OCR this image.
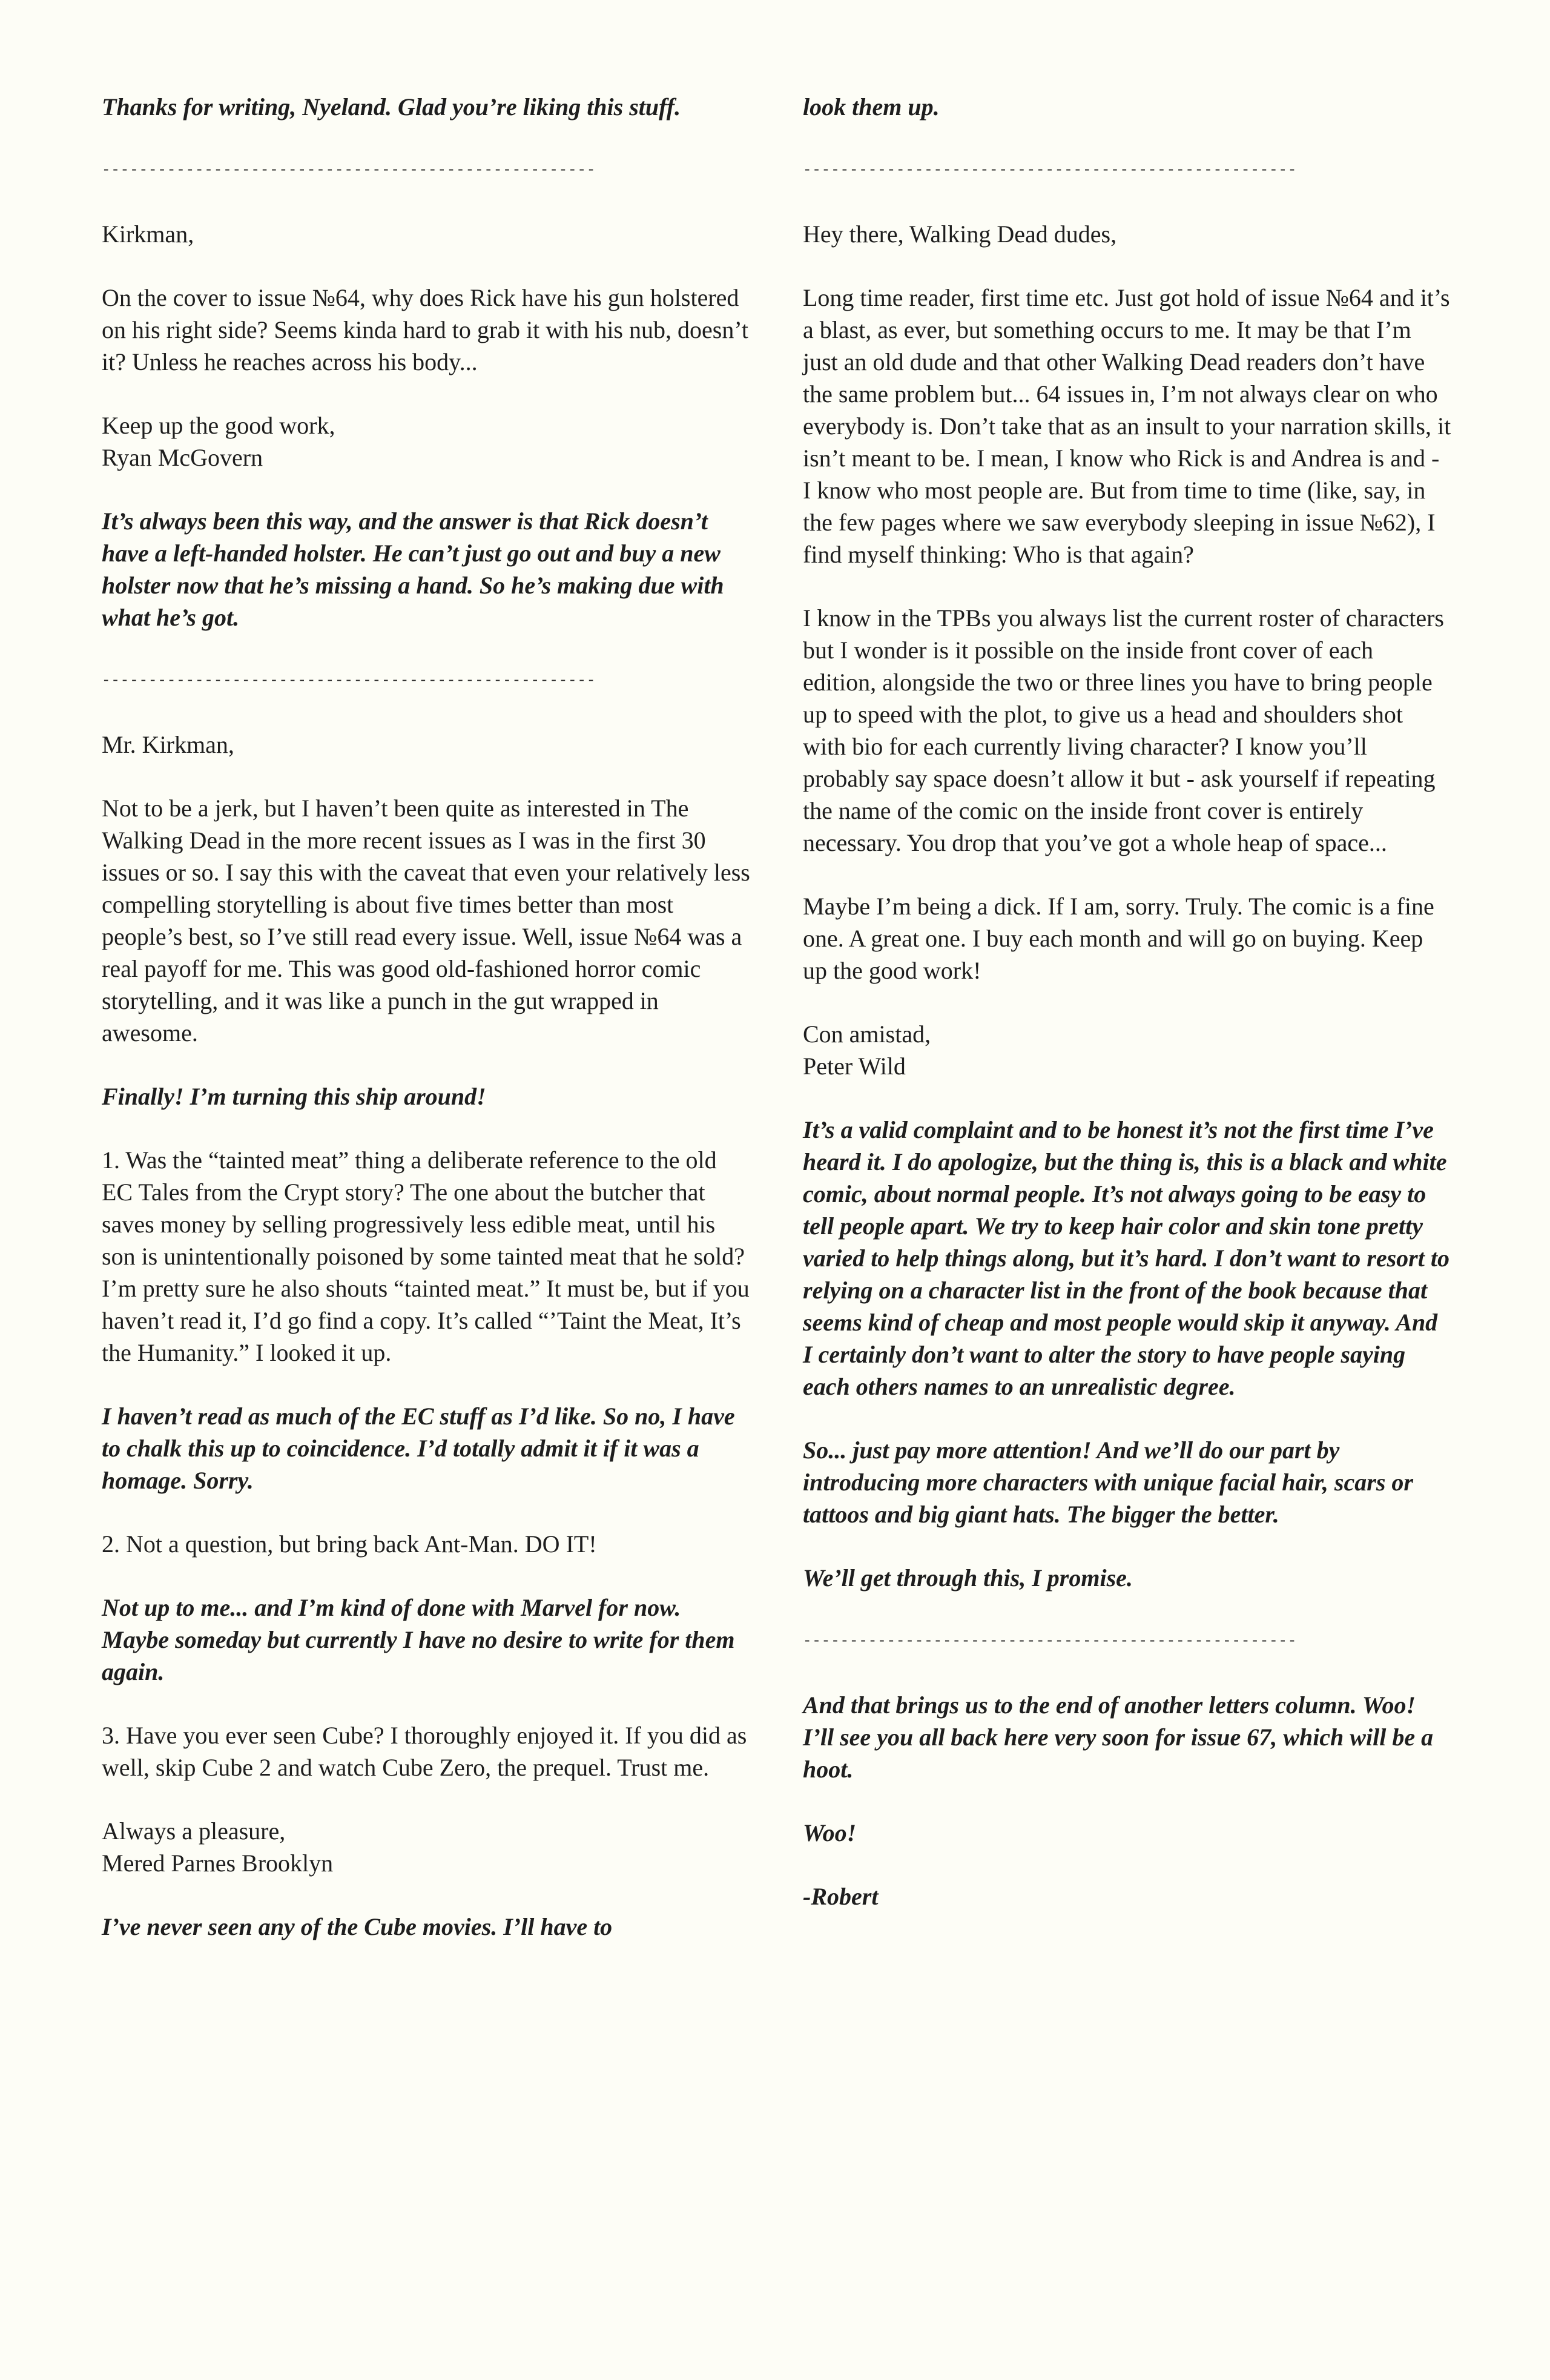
Thanks for writing, Nyeland. Glad you’re liking this stuff.

-----------------------------------------------------

Kirkman,

On the cover to issue №64, why does Rick have his gun holstered on his right side? Seems kinda hard to grab it with his nub, doesn’t it? Unless he reaches across his body...

Keep up the good work,
Ryan McGovern

It’s always been this way, and the answer is that Rick doesn’t have a left-handed holster. He can’t just go out and buy a new holster now that he’s missing a hand. So he’s making due with what he’s got.

-----------------------------------------------------

Mr. Kirkman,

Not to be a jerk, but I haven’t been quite as interested in The Walking Dead in the more recent issues as I was in the first 30 issues or so. I say this with the caveat that even your relatively less compelling storytelling is about five times better than most people’s best, so I’ve still read every issue. Well, issue №64 was a real payoff for me. This was good old-fashioned horror comic storytelling, and it was like a punch in the gut wrapped in awesome.

Finally! I’m turning this ship around!

1. Was the “tainted meat” thing a deliberate reference to the old EC Tales from the Crypt story? The one about the butcher that saves money by selling progressively less edible meat, until his son is unintentionally poisoned by some tainted meat that he sold? I’m pretty sure he also shouts “tainted meat.” It must be, but if you haven’t read it, I’d go find a copy. It’s called “’Taint the Meat, It’s the Humanity.” I looked it up.

I haven’t read as much of the EC stuff as I’d like. So no, I have to chalk this up to coincidence. I’d totally admit it if it was a homage. Sorry.

2. Not a question, but bring back Ant-Man. DO IT!

Not up to me... and I’m kind of done with Marvel for now. Maybe someday but currently I have no desire to write for them again.

3. Have you ever seen Cube? I thoroughly enjoyed it. If you did as well, skip Cube 2 and watch Cube Zero, the prequel. Trust me.

Always a pleasure,
Mered Parnes Brooklyn

I’ve never seen any of the Cube movies. I’ll have to

look them up.

-----------------------------------------------------

Hey there, Walking Dead dudes,

Long time reader, first time etc. Just got hold of issue №64 and it’s a blast, as ever, but something occurs to me. It may be that I’m just an old dude and that other Walking Dead readers don’t have the same problem but... 64 issues in, I’m not always clear on who everybody is. Don’t take that as an insult to your narration skills, it isn’t meant to be. I mean, I know who Rick is and Andrea is and - I know who most people are. But from time to time (like, say, in the few pages where we saw everybody sleeping in issue №62), I find myself thinking: Who is that again?

I know in the TPBs you always list the current roster of characters but I wonder is it possible on the inside front cover of each edition, alongside the two or three lines you have to bring people up to speed with the plot, to give us a head and shoulders shot with bio for each currently living character? I know you’ll probably say space doesn’t allow it but - ask yourself if repeating the name of the comic on the inside front cover is entirely necessary. You drop that you’ve got a whole heap of space...

Maybe I’m being a dick. If I am, sorry. Truly. The comic is a fine one. A great one. I buy each month and will go on buying. Keep up the good work!

Con amistad,
Peter Wild

It’s a valid complaint and to be honest it’s not the first time I’ve heard it. I do apologize, but the thing is, this is a black and white comic, about normal people. It’s not always going to be easy to tell people apart. We try to keep hair color and skin tone pretty varied to help things along, but it’s hard. I don’t want to resort to relying on a character list in the front of the book because that seems kind of cheap and most people would skip it anyway. And I certainly don’t want to alter the story to have people saying each others names to an unrealistic degree.

So... just pay more attention! And we’ll do our part by introducing more characters with unique facial hair, scars or tattoos and big giant hats. The bigger the better.

We’ll get through this, I promise.

-----------------------------------------------------

And that brings us to the end of another letters column. Woo! I’ll see you all back here very soon for issue 67, which will be a hoot.

Woo!

-Robert
